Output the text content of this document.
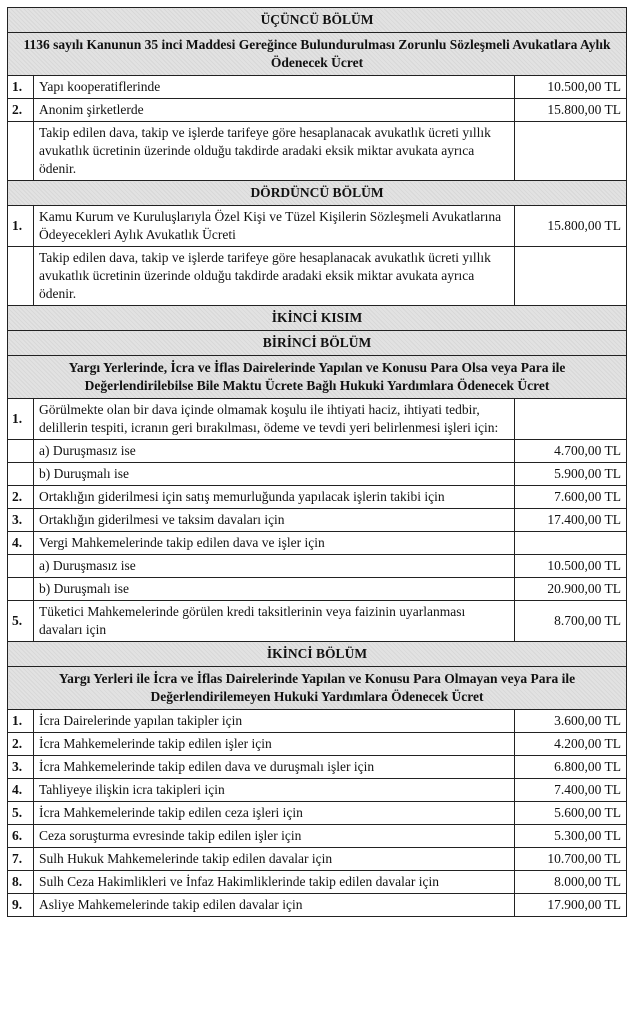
ÜÇÜNCÜ BÖLÜM		
1136 sayılı Kanunun 35 inci Maddesi Gereğince Bulundurulması Zorunlu Sözleşmeli Avukatlara Aylık Ödenecek Ücret		
1.	Yapı kooperatiflerinde	10.500,00 TL
2.	Anonim şirketlerde	15.800,00 TL
	Takip edilen dava, takip ve işlerde tarifeye göre hesaplanacak avukatlık ücreti yıllık avukatlık ücretinin üzerinde olduğu takdirde aradaki eksik miktar avukata ayrıca ödenir.	
DÖRDÜNCÜ BÖLÜM		
1.	Kamu Kurum ve Kuruluşlarıyla Özel Kişi ve Tüzel Kişilerin Sözleşmeli Avukatlarına Ödeyecekleri Aylık Avukatlık Ücreti	15.800,00 TL
	Takip edilen dava, takip ve işlerde tarifeye göre hesaplanacak avukatlık ücreti yıllık avukatlık ücretinin üzerinde olduğu takdirde aradaki eksik miktar avukata ayrıca ödenir.	
İKİNCİ KISIM		
BİRİNCİ BÖLÜM		
Yargı Yerlerinde, İcra ve İflas Dairelerinde Yapılan ve Konusu Para Olsa veya Para ile Değerlendirilebilse Bile Maktu Ücrete Bağlı Hukuki Yardımlara Ödenecek Ücret		
1.	Görülmekte olan bir dava içinde olmamak koşulu ile ihtiyati haciz, ihtiyati tedbir, delillerin tespiti, icranın geri bırakılması, ödeme ve tevdi yeri belirlenmesi işleri için:	
	a) Duruşmasız ise	4.700,00 TL
	b) Duruşmalı ise	5.900,00 TL
2.	Ortaklığın giderilmesi için satış memurluğunda yapılacak işlerin takibi için	7.600,00 TL
3.	Ortaklığın giderilmesi ve taksim davaları için	17.400,00 TL
4.	Vergi Mahkemelerinde takip edilen dava ve işler için	
	a) Duruşmasız ise	10.500,00 TL
	b) Duruşmalı ise	20.900,00 TL
5.	Tüketici Mahkemelerinde görülen kredi taksitlerinin veya faizinin uyarlanması davaları için	8.700,00 TL
İKİNCİ BÖLÜM		
Yargı Yerleri ile İcra ve İflas Dairelerinde Yapılan ve Konusu Para Olmayan veya Para ile Değerlendirilemeyen Hukuki Yardımlara Ödenecek Ücret		
1.	İcra Dairelerinde yapılan takipler için	3.600,00 TL
2.	İcra Mahkemelerinde takip edilen işler için	4.200,00 TL
3.	İcra Mahkemelerinde takip edilen dava ve duruşmalı işler için	6.800,00 TL
4.	Tahliyeye ilişkin icra takipleri için	7.400,00 TL
5.	İcra Mahkemelerinde takip edilen ceza işleri için	5.600,00 TL
6.	Ceza soruşturma evresinde takip edilen işler için	5.300,00 TL
7.	Sulh Hukuk Mahkemelerinde takip edilen davalar için	10.700,00 TL
8.	Sulh Ceza Hakimlikleri ve İnfaz Hakimliklerinde takip edilen davalar için	8.000,00 TL
9.	Asliye Mahkemelerinde takip edilen davalar için	17.900,00 TL
